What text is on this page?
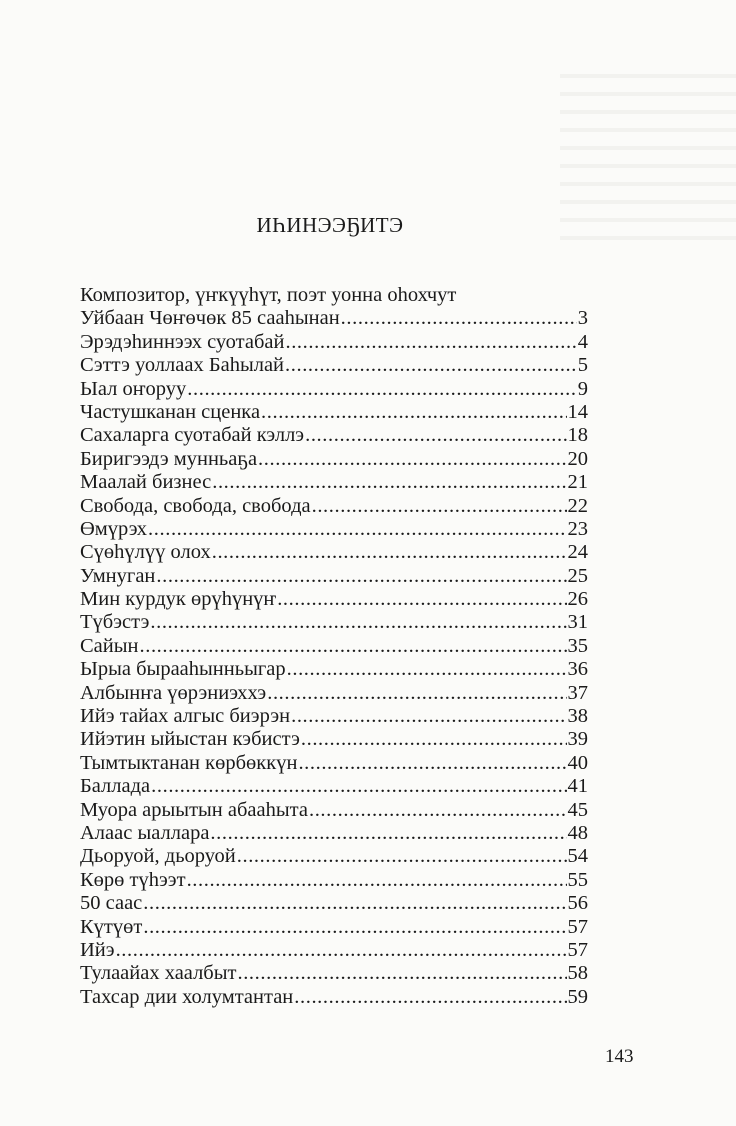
ИҺИНЭЭҔИТЭ
Композитор, үҥкүүһүт, поэт уонна оһохчут
Уйбаан Чөҥөчөк 85 сааһынан .....	3
Эрэдэһиннээх суотабай .....	4
Сэттэ уоллаах Баһылай .....	5
Ыал оҥоруу .....	9
Частушканан сценка .....	14
Сахаларга суотабай кэллэ .....	18
Биригээдэ мунньаҕа .....	20
Маалай бизнес .....	21
Свобода, свобода, свобода .....	22
Өмүрэх .....	23
Сүөһүлүү олох .....	24
Умнуган .....	25
Мин курдук өрүһүнүҥ .....	26
Түбэстэ .....	31
Сайын .....	35
Ырыа бырааһынньыгар .....	36
Албынҥа үөрэниэххэ .....	37
Ийэ тайах алгыс биэрэн .....	38
Ийэтин ыйыстан кэбистэ .....	39
Тымтыктанан көрбөккүн .....	40
Баллада .....	41
Муора арыытын абааһыта .....	45
Алаас ыаллара .....	48
Дьоруой, дьоруой .....	54
Көрө түһээт .....	55
50 саас .....	56
Күтүөт .....	57
Ийэ .....	57
Тулаайах хаалбыт .....	58
Тахсар дии холумтантан .....	59
143
